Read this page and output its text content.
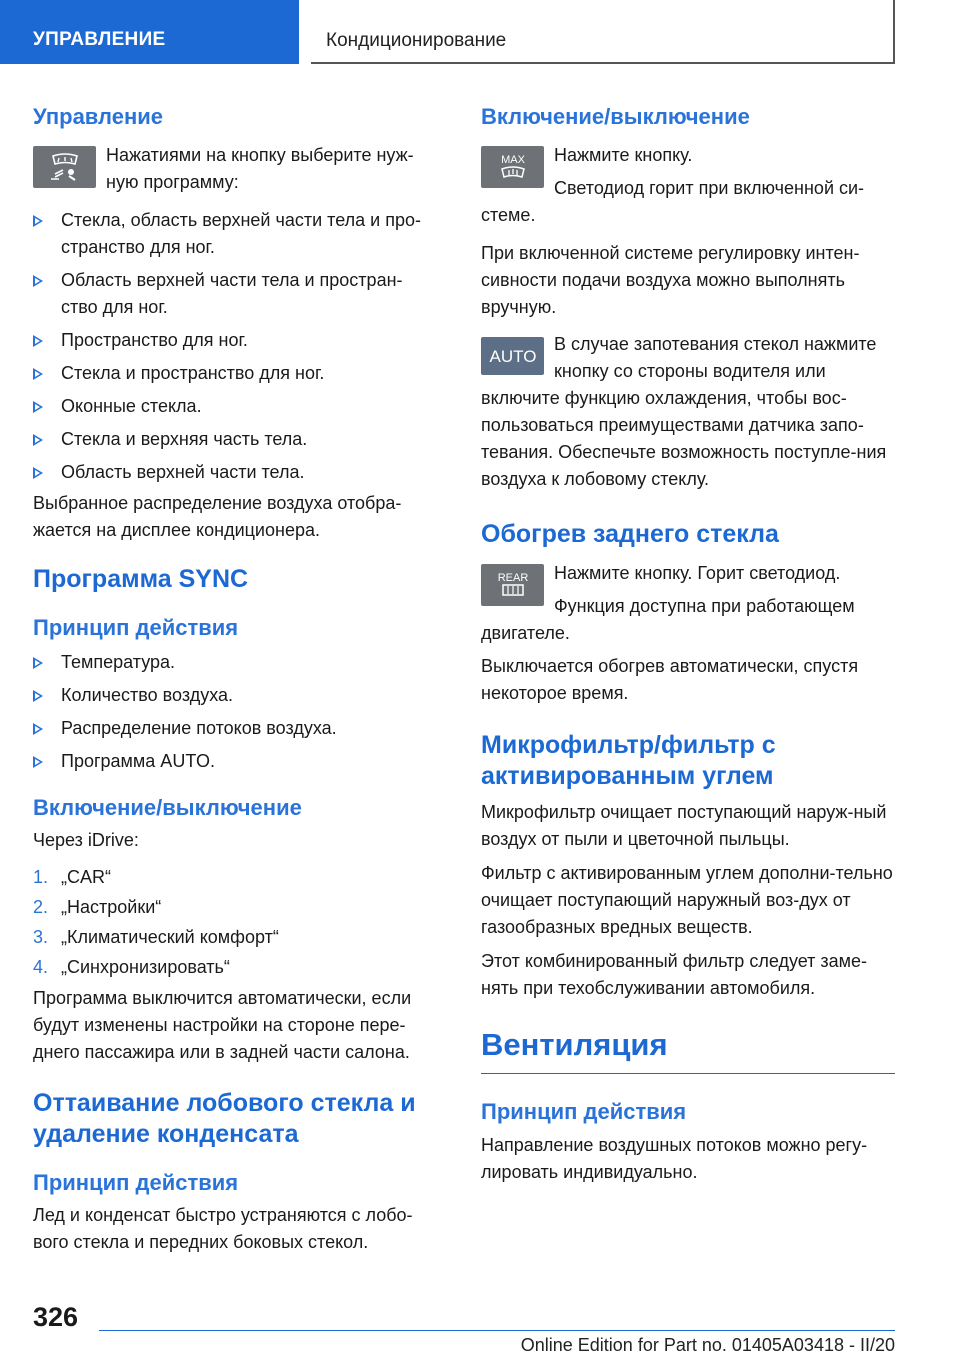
УПРАВЛЕНИЕ	Кондиционирование
Управление

Нажатиями на кнопку выберите нуж-ную программу:

Стекла, область верхней части тела и про-странство для ног.
Область верхней части тела и простран-ство для ног.
Пространство для ног.
Стекла и пространство для ног.
Оконные стекла.
Стекла и верхняя часть тела.
Область верхней части тела.

Выбранное распределение воздуха отобра-жается на дисплее кондиционера.

Программа SYNC
Принцип действия
Температура.
Количество воздуха.
Распределение потоков воздуха.
Программа AUTO.
Включение/выключение

Через iDrive:

1. „CAR“
2. „Настройки“
3. „Климатический комфорт“
4. „Синхронизировать“

Программа выключится автоматически, если будут изменены настройки на стороне пере-днего пассажира или в задней части салона.

Оттаивание лобового стекла и удаление конденсата
Принцип действия

Лед и конденсат быстро устраняются с лобо-вого стекла и передних боковых стекол.

Включение/выключение
MAX	Нажмите кнопку.

Светодиод горит при включенной си-стеме.

При включенной системе регулировку интен-сивности подачи воздуха можно выполнять вручную.

AUTO

В случае запотевания стекол нажмите кнопку со стороны водителя или включите функцию охлаждения, чтобы вос-пользоваться преимуществами датчика запо-тевания. Обеспечьте возможность поступле-ния воздуха к лобовому стеклу.

Обогрев заднего стекла
REAR	Нажмите кнопку. Горит светодиод.

Функция доступна при работающем двигателе.

Выключается обогрев автоматически, спустя некоторое время.

Микрофильтр/фильтр с активированным углем

Микрофильтр очищает поступающий наруж-ный воздух от пыли и цветочной пыльцы.

Фильтр с активированным углем дополни-тельно очищает поступающий наружный воз-дух от газообразных вредных веществ.

Этот комбинированный фильтр следует заме-нять при техобслуживании автомобиля.

Вентиляция
Принцип действия

Направление воздушных потоков можно регу-лировать индивидуально.

326
Online Edition for Part no. 01405A03418 - II/20
